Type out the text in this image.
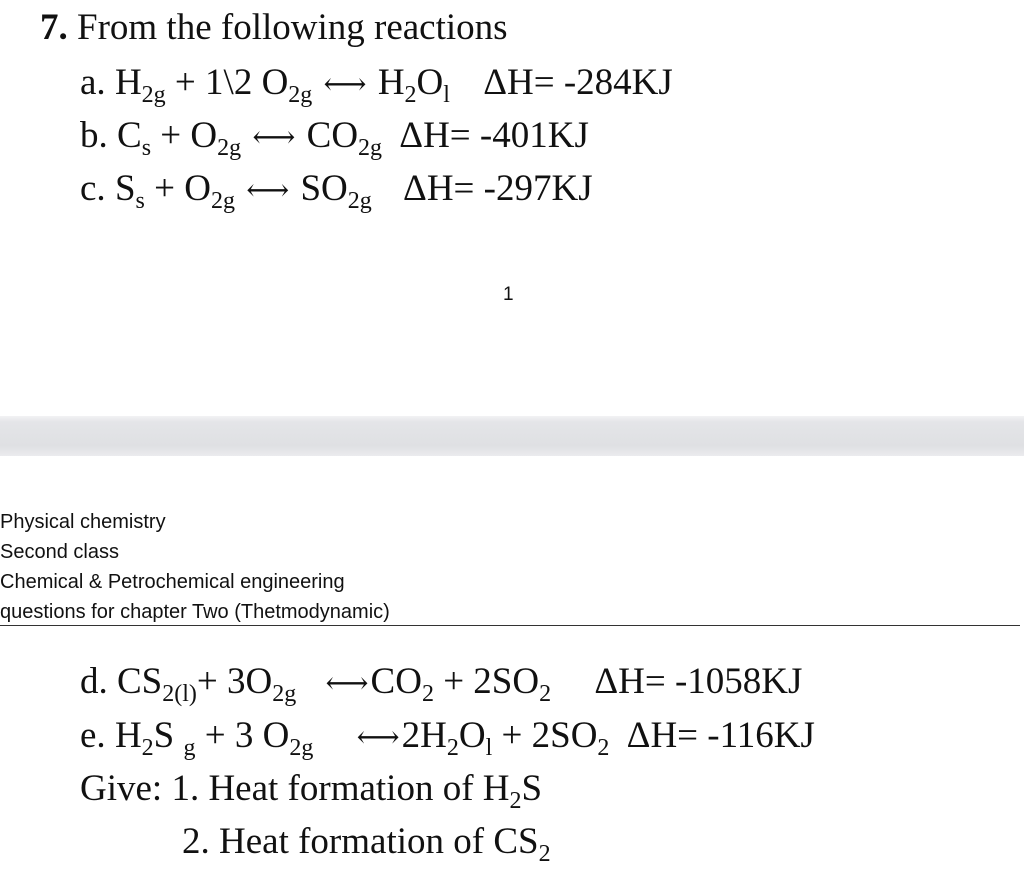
7. From the following reactions
a. $H_{2g}$ + 1\2 $O_{2g}$ ⟷ $H_2O_l$ ΔH= -284KJ
b. $C_s + O_{2g}$ ⟷ $CO_{2g}$ ΔH= -401KJ
c. $S_s + O_{2g}$ ⟷ $SO_{2g}$ ΔH= -297KJ
1
Physical chemistry
Second class
Chemical & Petrochemical engineering
questions for chapter Two (Thetmodynamic)
d. $CS_{2(l)}+ 3O_{2g}$ $⟷CO_2 + 2SO_2$ ΔH= -1058KJ
e. $H_2S$ $_g$ + 3 $O_{2g}$ $⟷2H_2O_l + 2SO_2$ ΔH= -116KJ
Give: 1. Heat formation of $H_2S$
2. Heat formation of $CS_2$
